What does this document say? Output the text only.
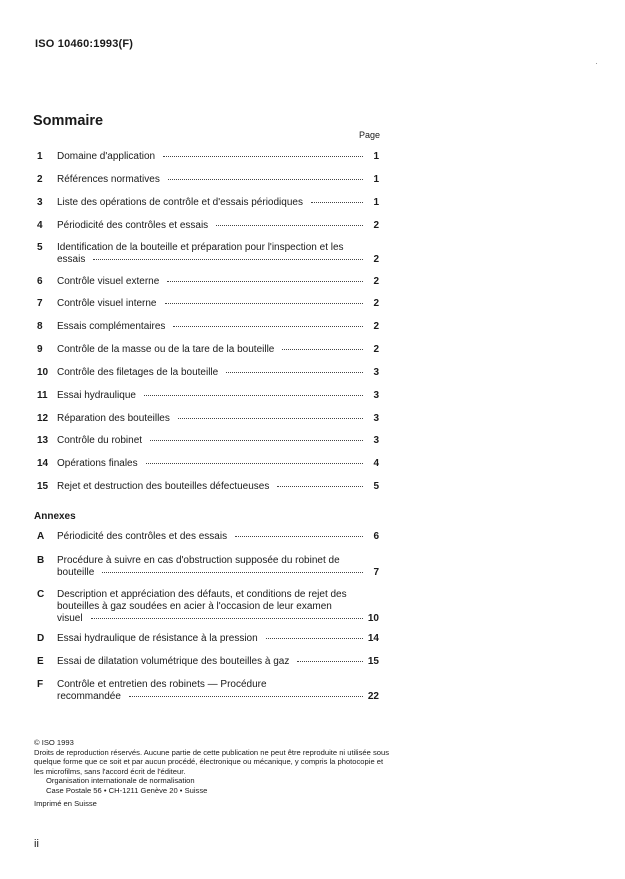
ISO 10460:1993(F)
Sommaire
Page
1 Domaine d'application	1
2 Références normatives	1
3 Liste des opérations de contrôle et d'essais périodiques	1
4 Périodicité des contrôles et essais	2
5 Identification de la bouteille et préparation pour l'inspection et les
essais	2
6 Contrôle visuel externe	2
7 Contrôle visuel interne	2
8 Essais complémentaires	2
9 Contrôle de la masse ou de la tare de la bouteille	2
10 Contrôle des filetages de la bouteille	3
11 Essai hydraulique	3
12 Réparation des bouteilles	3
13 Contrôle du robinet	3
14 Opérations finales	4
15 Rejet et destruction des bouteilles défectueuses	5
Annexes
A Périodicité des contrôles et des essais	6
B Procédure à suivre en cas d'obstruction supposée du robinet de
bouteille	7
C Description et appréciation des défauts, et conditions de rejet des
bouteilles à gaz soudées en acier à l'occasion de leur examen
visuel	10
D Essai hydraulique de résistance à la pression	14
E Essai de dilatation volumétrique des bouteilles à gaz	15
F Contrôle et entretien des robinets — Procédure
recommandée	22
© ISO 1993
Droits de reproduction réservés. Aucune partie de cette publication ne peut être reproduite ni utilisée sous quelque forme que ce soit et par aucun procédé, électronique ou mécanique, y compris la photocopie et les microfilms, sans l'accord écrit de l'éditeur.
Organisation internationale de normalisation
Case Postale 56 • CH-1211 Genève 20 • Suisse
Imprimé en Suisse
ii
